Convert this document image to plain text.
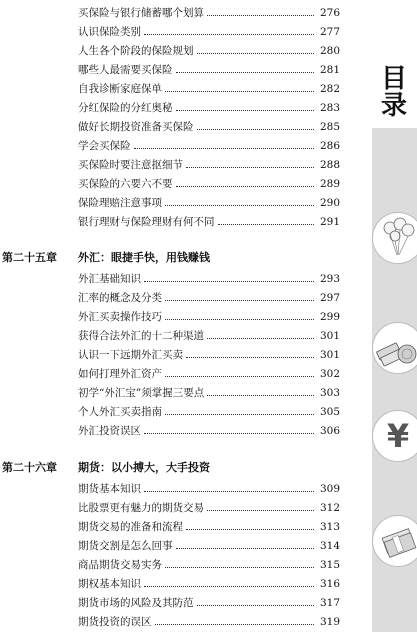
买保险与银行储蓄哪个划算	276
认识保险类别	277
人生各个阶段的保险规划	280
哪些人最需要买保险	281
自我诊断家庭保单	282
分红保险的分红奥秘	283
做好长期投资准备买保险	285
学会买保险	286
买保险时要注意抠细节	288
买保险的六要六不要	289
保险理赔注意事项	290
银行理财与保险理财有何不同	291
第二十五章 外汇：眼捷手快，用钱赚钱
外汇基础知识	293
汇率的概念及分类	297
外汇买卖操作技巧	299
获得合法外汇的十二种渠道	301
认识一下远期外汇买卖	301
如何打理外汇资产	302
初学“外汇宝”须掌握三要点	303
个人外汇买卖指南	305
外汇投资误区	306
第二十六章 期货：以小搏大，大手投资
期货基本知识	309
比股票更有魅力的期货交易	312
期货交易的准备和流程	313
期货交割是怎么回事	314
商品期货交易实务	315
期权基本知识	316
期货市场的风险及其防范	317
期货投资的误区	319
目
录
¥
